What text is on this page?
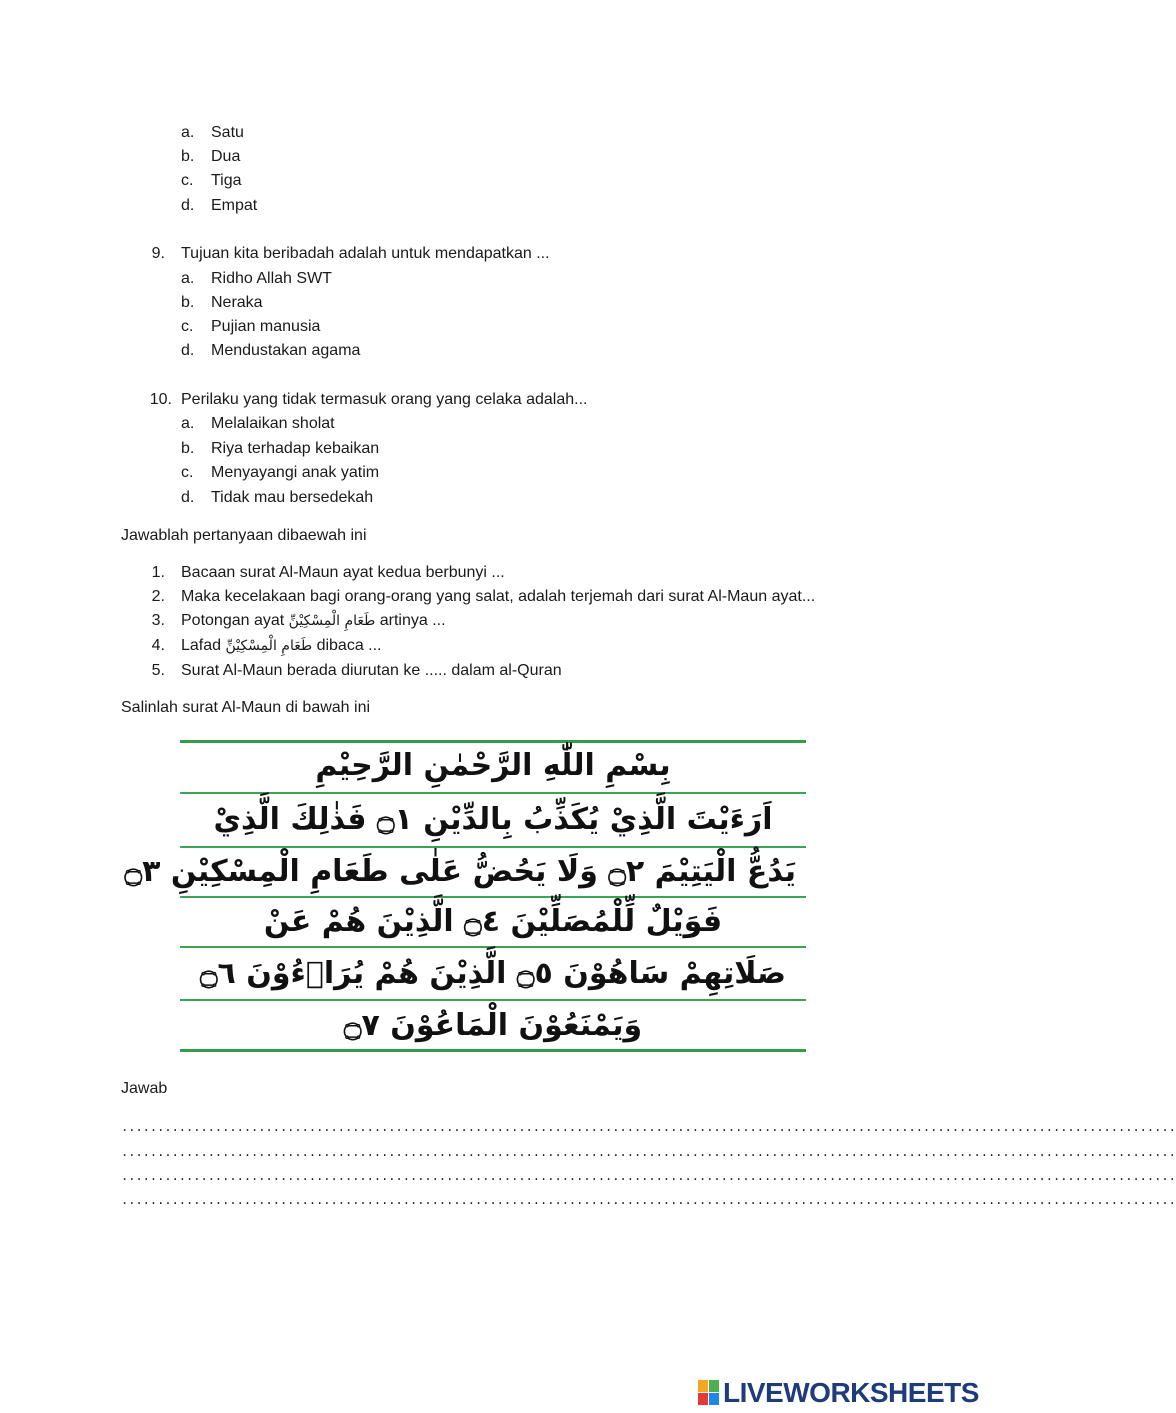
a. Satu
b. Dua
c. Tiga
d. Empat
9. Tujuan kita beribadah adalah untuk mendapatkan ...
a. Ridho Allah SWT
b. Neraka
c. Pujian manusia
d. Mendustakan agama
10. Perilaku yang tidak termasuk orang yang celaka adalah...
a. Melalaikan sholat
b. Riya terhadap kebaikan
c. Menyayangi anak yatim
d. Tidak mau bersedekah
Jawablah pertanyaan dibaewah ini
1. Bacaan surat Al-Maun ayat kedua berbunyi ...
2. Maka kecelakaan bagi orang-orang yang salat, adalah terjemah dari surat Al-Maun ayat...
3. Potongan ayat طَعَامِ الْمِسْكِيْنِّ artinya ...
4. Lafad طَعَامِ الْمِسْكِيْنِّ dibaca ...
5. Surat Al-Maun berada diurutan ke ..... dalam al-Quran
Salinlah surat Al-Maun di bawah ini
بِسْمِ اللّٰهِ الرَّحْمٰنِ الرَّحِيْمِ
اَرَءَيْتَ الَّذِيْ يُكَذِّبُ بِالدِّيْنِ ۝١ فَذٰلِكَ الَّذِيْ
يَدُعُّ الْيَتِيْمَ ۝٢ وَلَا يَحُضُّ عَلٰى طَعَامِ الْمِسْكِيْنِ ۝٣
فَوَيْلٌ لِّلْمُصَلِّيْنَ ۝٤ الَّذِيْنَ هُمْ عَنْ
صَلَاتِهِمْ سَاهُوْنَ ۝٥ الَّذِيْنَ هُمْ يُرَاۤءُوْنَ ۝٦
وَيَمْنَعُوْنَ الْمَاعُوْنَ ۝٧
Jawab
..................................................................................................................................................
..................................................................................................................................................
..................................................................................................................................................
..................................................................................................................................................
LIVEWORKSHEETS
